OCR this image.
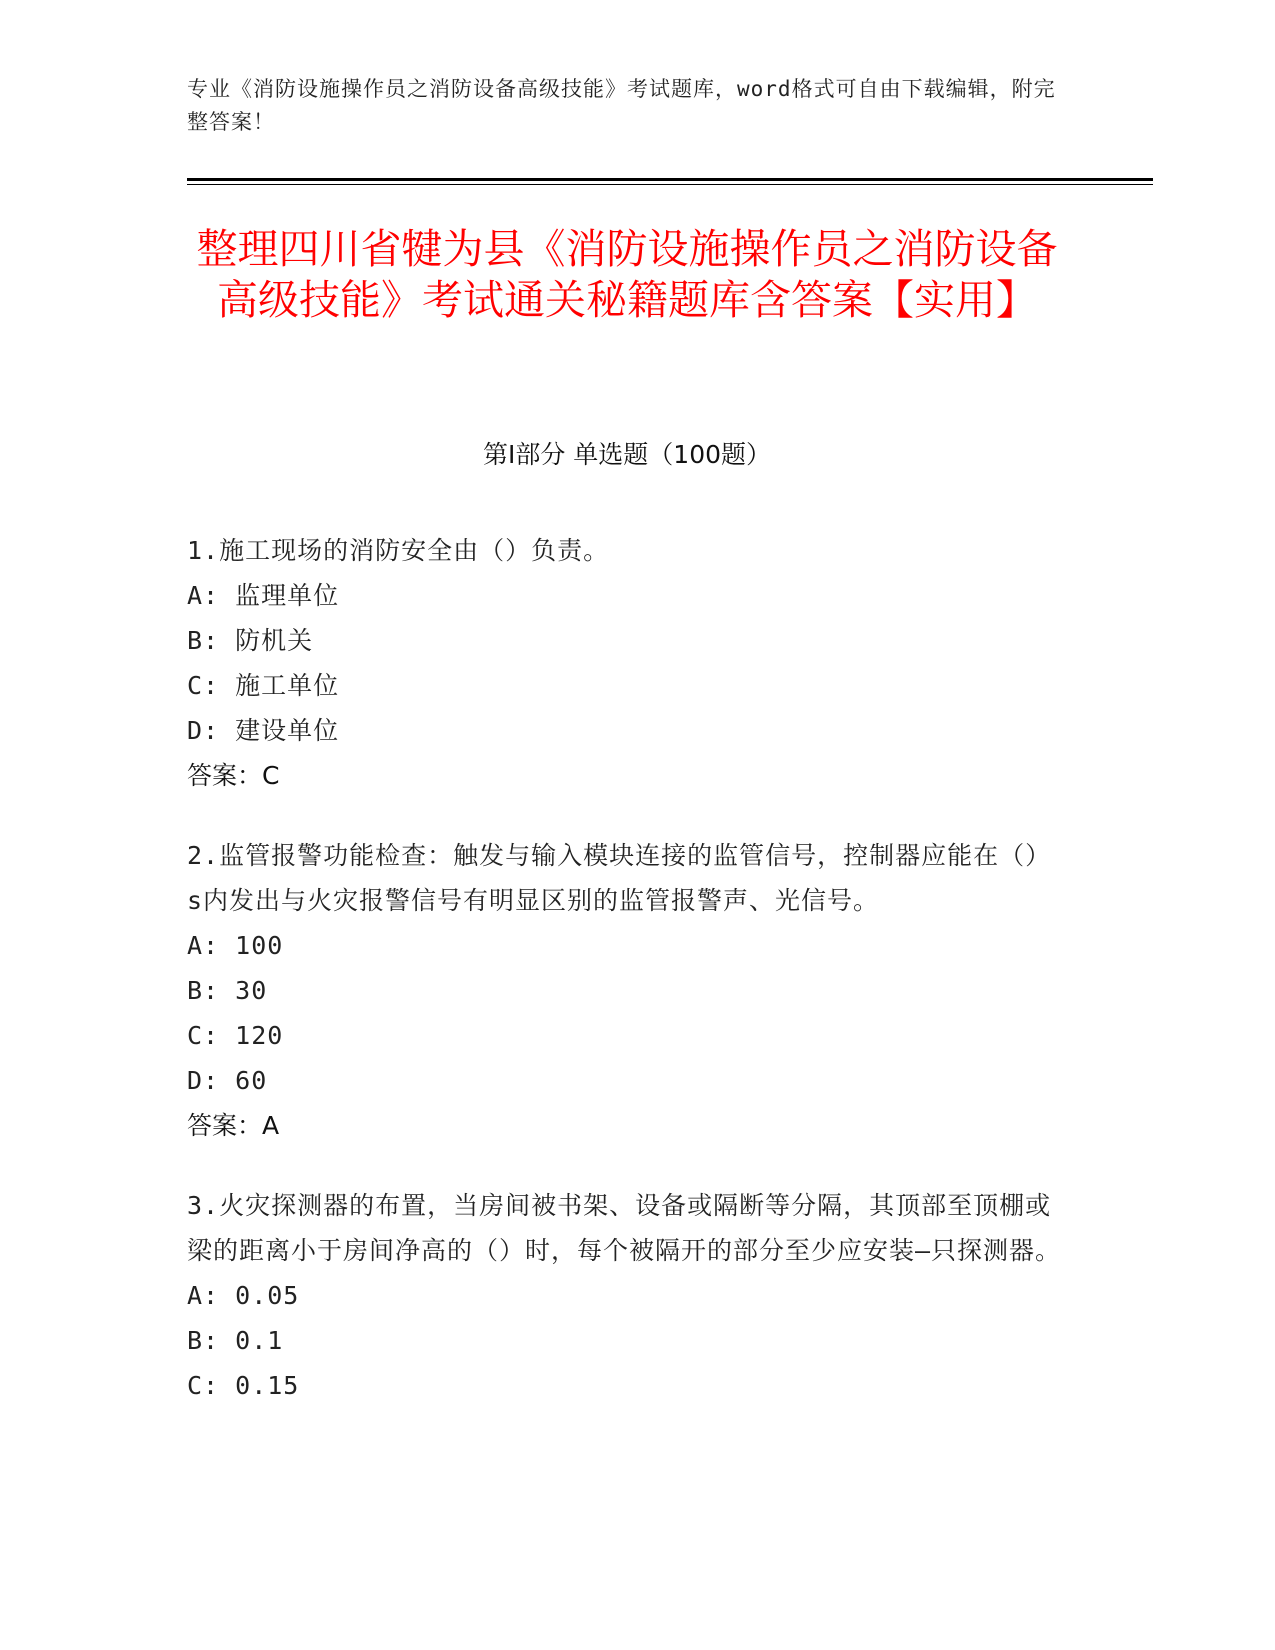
专业《消防设施操作员之消防设备高级技能》考试题库，word格式可自由下载编辑，附完整答案！
整理四川省犍为县《消防设施操作员之消防设备高级技能》考试通关秘籍题库含答案【实用】
第Ⅰ部分 单选题（100题）

1.施工现场的消防安全由（）负责。

A: 监理单位

B: 防机关

C: 施工单位

D: 建设单位

答案：C

2.监管报警功能检查：触发与输入模块连接的监管信号，控制器应能在（）s内发出与火灾报警信号有明显区别的监管报警声、光信号。

A: 100

B: 30

C: 120

D: 60

答案：A

3.火灾探测器的布置，当房间被书架、设备或隔断等分隔，其顶部至顶棚或梁的距离小于房间净高的（）时，每个被隔开的部分至少应安装—只探测器。

A: 0.05

B: 0.1

C: 0.15
